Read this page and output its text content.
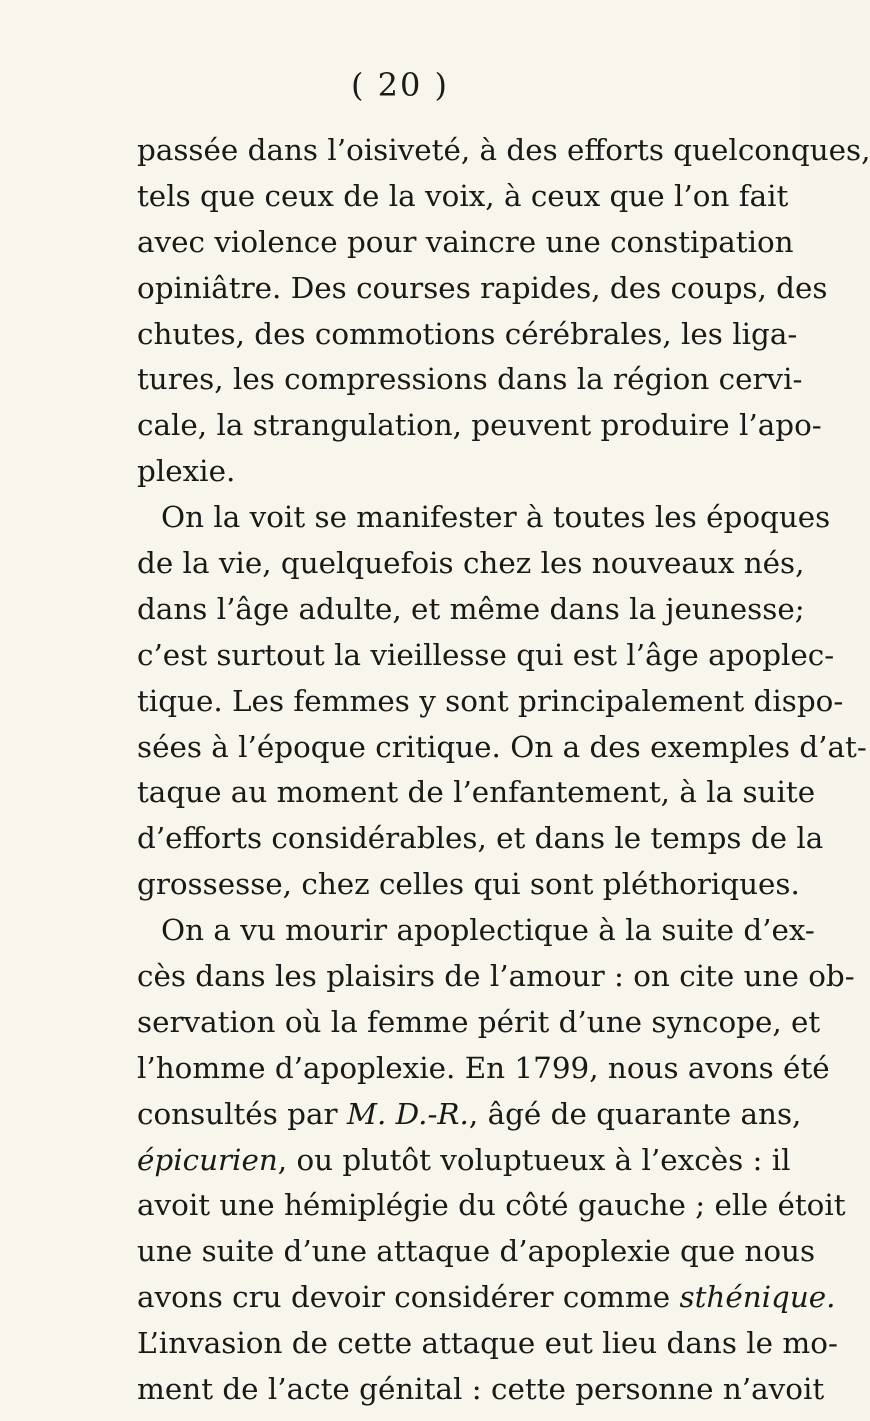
( 20 )
passée dans l’oisiveté, à des efforts quelconques,
tels que ceux de la voix, à ceux que l’on fait
avec violence pour vaincre une constipation
opiniâtre. Des courses rapides, des coups, des
chutes, des commotions cérébrales, les liga-
tures, les compressions dans la région cervi-
cale, la strangulation, peuvent produire l’apo-
plexie.
On la voit se manifester à toutes les époques
de la vie, quelquefois chez les nouveaux nés,
dans l’âge adulte, et même dans la jeunesse;
c’est surtout la vieillesse qui est l’âge apoplec-
tique. Les femmes y sont principalement dispo-
sées à l’époque critique. On a des exemples d’at-
taque au moment de l’enfantement, à la suite
d’efforts considérables, et dans le temps de la
grossesse, chez celles qui sont pléthoriques.
On a vu mourir apoplectique à la suite d’ex-
cès dans les plaisirs de l’amour : on cite une ob-
servation où la femme périt d’une syncope, et
l’homme d’apoplexie. En 1799, nous avons été
consultés par M. D.-R., âgé de quarante ans,
épicurien, ou plutôt voluptueux à l’excès : il
avoit une hémiplégie du côté gauche ; elle étoit
une suite d’une attaque d’apoplexie que nous
avons cru devoir considérer comme sthénique.
L’invasion de cette attaque eut lieu dans le mo-
ment de l’acte génital : cette personne n’avoit
